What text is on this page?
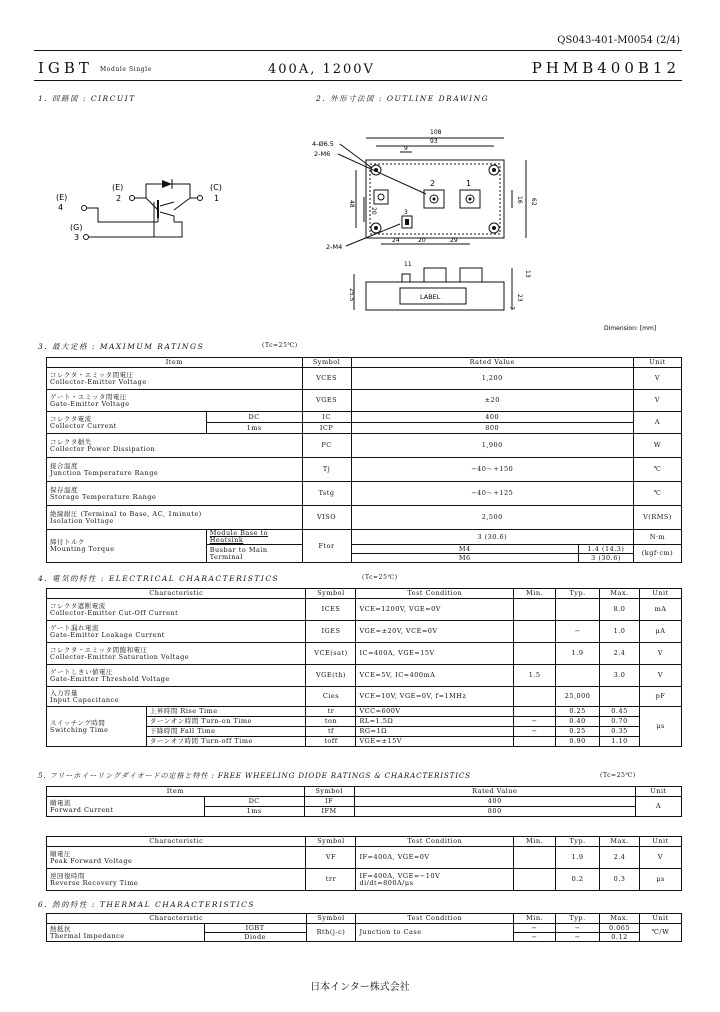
QS043-401-M0054 (2/4)
IGBT Module Single	400A, 1200V	PHMB400B12
1. 回路図 : CIRCUIT
(E)
4
(E)
2
(C)
1
(G)
3
2. 外形寸法図 : OUTLINE DRAWING
2	1
3
108
93
9
4-Ø6.5
2-M6
2-M4
48	62
20
16
24	20	29
LABEL
25.5	23
13
7
11
Dimension: [mm]
3. 最大定格 : MAXIMUM RATINGS	(Tc=25℃)
Item		Symbol	Rated Value		Unit

コレクタ・エミッタ間電圧
Collector-Emitter Voltage		VCES	1,200		V

ゲート・エミッタ間電圧
Gate-Emitter Voltage		VGES	±20		V

コレクタ電流
Collector Current	DC	IC	400		A
	1ms	ICP	800		

コレクタ損失
Collector Power Dissipation		PC	1,900		W

接合温度
Junction Temperature Range		Tj	−40～+150		℃

保存温度
Storage Temperature Range		Tstg	−40～+125		℃
絶縁耐圧 (Terminal to Base, AC, 1minute)
Isolation Voltage		VISO	2,500		V(RMS)

締付トルク
Mounting Torque	Module Base to Heatsink	Ftor	3 (30.6)		N·m
	Busbar to Main Terminal		M4	1.4 (14.3)	(kgf·cm)
			M6	3 (30.6)	
4. 電気的特性 : ELECTRICAL CHARACTERISTICS	(Tc=25℃)
Characteristic		Symbol	Test Condition	Min.	Typ.	Max.	Unit

コレクタ遮断電流
Collector-Emitter Cut-Off Current		ICES	VCE=1200V, VGE=0V			8.0	mA

ゲート漏れ電流
Gate-Emitter Leakage Current		IGES	VGE=±20V, VCE=0V		−	1.0	μA

コレクタ・エミッタ間飽和電圧
Collector-Emitter Saturation Voltage		VCE(sat)	IC=400A, VGE=15V		1.9	2.4	V

ゲートしきい値電圧
Gate-Emitter Threshold Voltage		VGE(th)	VCE=5V, IC=400mA	1.5		3.0	V

入力容量
Input Capacitance		Cies	VCE=10V, VGE=0V, f=1MHz		25,000		pF

スイッチング時間
Switching Time	上昇時間 Rise Time	tr	VCC=600V		0.25	0.45	μs
	ターンオン時間 Turn-on Time	ton	RL=1.5Ω	−	0.40	0.70	
	下降時間 Fall Time	tf	RG=1Ω	−	0.25	0.35	
	ターンオフ時間 Turn-off Time	toff	VGE=±15V		0.90	1.10	
5. フリーホイーリングダイオードの定格と特性 : FREE WHEELING DIODE RATINGS & CHARACTERISTICS	(Tc=25℃)
Item		Symbol	Rated Value	Unit

順電流
Forward Current	DC	IF	400	A
	1ms	IFM	800	
Characteristic	Symbol	Test Condition	Min.	Typ.	Max.	Unit

順電圧
Peak Forward Voltage	VF	IF=400A, VGE=0V		1.9	2.4	V

逆回復時間
Reverse Recovery Time	trr	IF=400A, VGE=−10V
di/dt=800A/μs		0.2	0.3	μs
6. 熱的特性 : THERMAL CHARACTERISTICS
Characteristic		Symbol	Test Condition	Min.	Typ.	Max.	Unit

熱抵抗
Thermal Impedance	IGBT	Rth(j-c)	Junction to Case	−	−	0.065	℃/W
	Diode			−	−	0.12	
日本インター株式会社
